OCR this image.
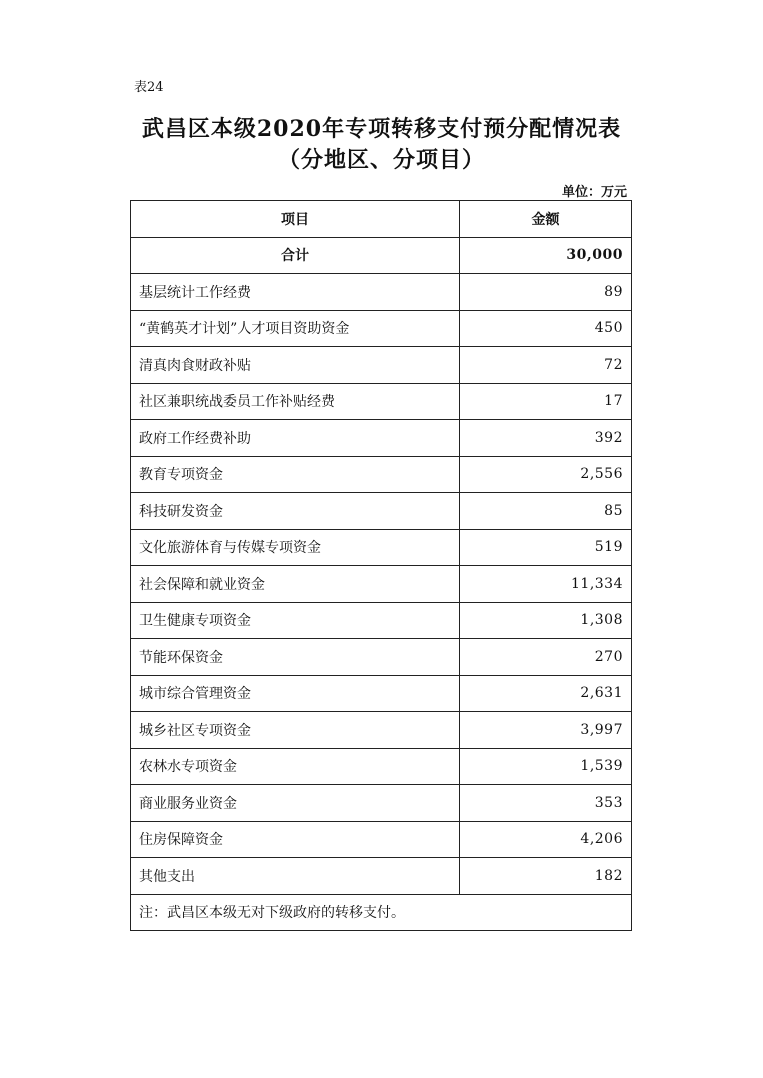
表24
武昌区本级2020年专项转移支付预分配情况表
（分地区、分项目）
单位：万元
项目	金额
合计	30,000
基层统计工作经费	89
“黄鹤英才计划”人才项目资助资金	450
清真肉食财政补贴	72
社区兼职统战委员工作补贴经费	17
政府工作经费补助	392
教育专项资金	2,556
科技研发资金	85
文化旅游体育与传媒专项资金	519
社会保障和就业资金	11,334
卫生健康专项资金	1,308
节能环保资金	270
城市综合管理资金	2,631
城乡社区专项资金	3,997
农林水专项资金	1,539
商业服务业资金	353
住房保障资金	4,206
其他支出	182
注：武昌区本级无对下级政府的转移支付。	
